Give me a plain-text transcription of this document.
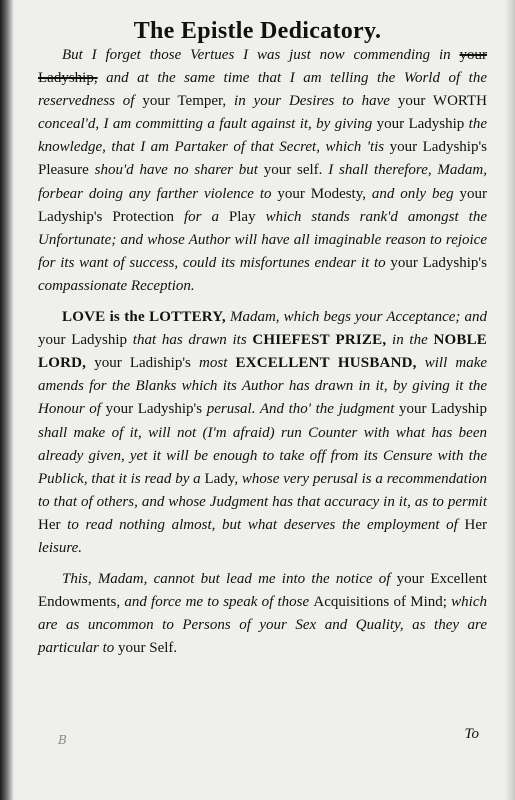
The Epistle Dedicatory.

But I forget those Vertues I was just now commending in your Ladyship, and at the same time that I am telling the World of the reservedness of your Temper, in your Desires to have your WORTH conceal'd, I am committing a fault against it, by giving your Ladyship the knowledge, that I am Partaker of that Secret, which 'tis your Ladyship's Pleasure shou'd have no sharer but your self. I shall therefore, Madam, forbear doing any farther violence to your Modesty, and only beg your Ladyship's Protection for a Play which stands rank'd amongst the Unfortunate; and whose Author will have all imaginable reason to rejoice for its want of success, could its misfortunes endear it to your Ladyship's compassionate Reception.

LOVE is the LOTTERY, Madam, which begs your Acceptance; and your Ladyship that has drawn its CHIEFEST PRIZE, in the NOBLE LORD, your Ladiship's most EXCELLENT HUSBAND, will make amends for the Blanks which its Author has drawn in it, by giving it the Honour of your Ladyship's perusal. And tho' the judgment your Ladyship shall make of it, will not (I'm afraid) run Counter with what has been already given, yet it will be enough to take off from its Censure with the Publick, that it is read by a Lady, whose very perusal is a recommendation to that of others, and whose Judgment has that accuracy in it, as to permit Her to read nothing almost, but what deserves the employment of Her leisure.

This, Madam, cannot but lead me into the notice of your Excellent Endowments, and force me to speak of those Acquisitions of Mind; which are as uncommon to Persons of your Sex and Quality, as they are particular to your Self.

B	To
